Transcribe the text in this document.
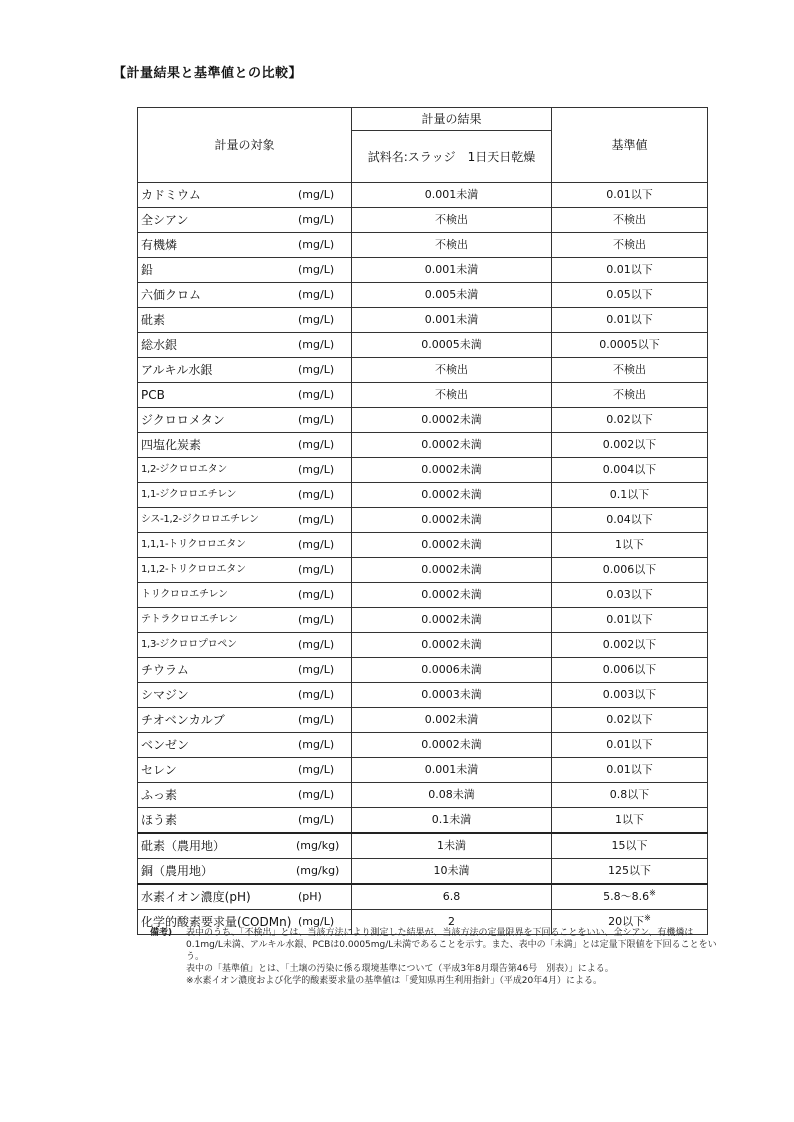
【計量結果と基準値との比較】
計量の対象	計量の結果	基準値
	試料名:スラッジ　1日天日乾燥	

カドミウム (mg/L)	0.001未満	0.01以下

全シアン (mg/L)	不検出	不検出

有機燐 (mg/L)	不検出	不検出

鉛 (mg/L)	0.001未満	0.01以下

六価クロム (mg/L)	0.005未満	0.05以下

砒素 (mg/L)	0.001未満	0.01以下

総水銀 (mg/L)	0.0005未満	0.0005以下

アルキル水銀 (mg/L)	不検出	不検出

PCB (mg/L)	不検出	不検出

ジクロロメタン (mg/L)	0.0002未満	0.02以下

四塩化炭素 (mg/L)	0.0002未満	0.002以下

1,2-ジクロロエタン (mg/L)	0.0002未満	0.004以下

1,1-ジクロロエチレン (mg/L)	0.0002未満	0.1以下

シス-1,2-ジクロロエチレン (mg/L)	0.0002未満	0.04以下

1,1,1-トリクロロエタン (mg/L)	0.0002未満	1以下

1,1,2-トリクロロエタン (mg/L)	0.0002未満	0.006以下

トリクロロエチレン (mg/L)	0.0002未満	0.03以下

テトラクロロエチレン (mg/L)	0.0002未満	0.01以下

1,3-ジクロロプロペン (mg/L)	0.0002未満	0.002以下

チウラム (mg/L)	0.0006未満	0.006以下

シマジン (mg/L)	0.0003未満	0.003以下

チオベンカルブ (mg/L)	0.002未満	0.02以下

ベンゼン (mg/L)	0.0002未満	0.01以下

セレン (mg/L)	0.001未満	0.01以下

ふっ素 (mg/L)	0.08未満	0.8以下

ほう素 (mg/L)	0.1未満	1以下

砒素（農用地） (mg/kg)	1未満	15以下

銅（農用地） (mg/kg)	10未満	125以下

水素イオン濃度(pH) (pH)	6.8	5.8～8.6※

化学的酸素要求量(CODMn) (mg/L)	2	20以下※
備考)	表中のうち、「不検出」とは、当該方法により測定した結果が、当該方法の定量限界を下回ることをいい、全シアン、有機燐は0.1mg/L未満、アルキル水銀、PCBは0.0005mg/L未満であることを示す。また、表中の「未満」とは定量下限値を下回ることをいう。
表中の「基準値」とは、「土壌の汚染に係る環境基準について（平成3年8月環告第46号　別表）」による。
※水素イオン濃度および化学的酸素要求量の基準値は「愛知県再生利用指針」（平成20年4月）による。
